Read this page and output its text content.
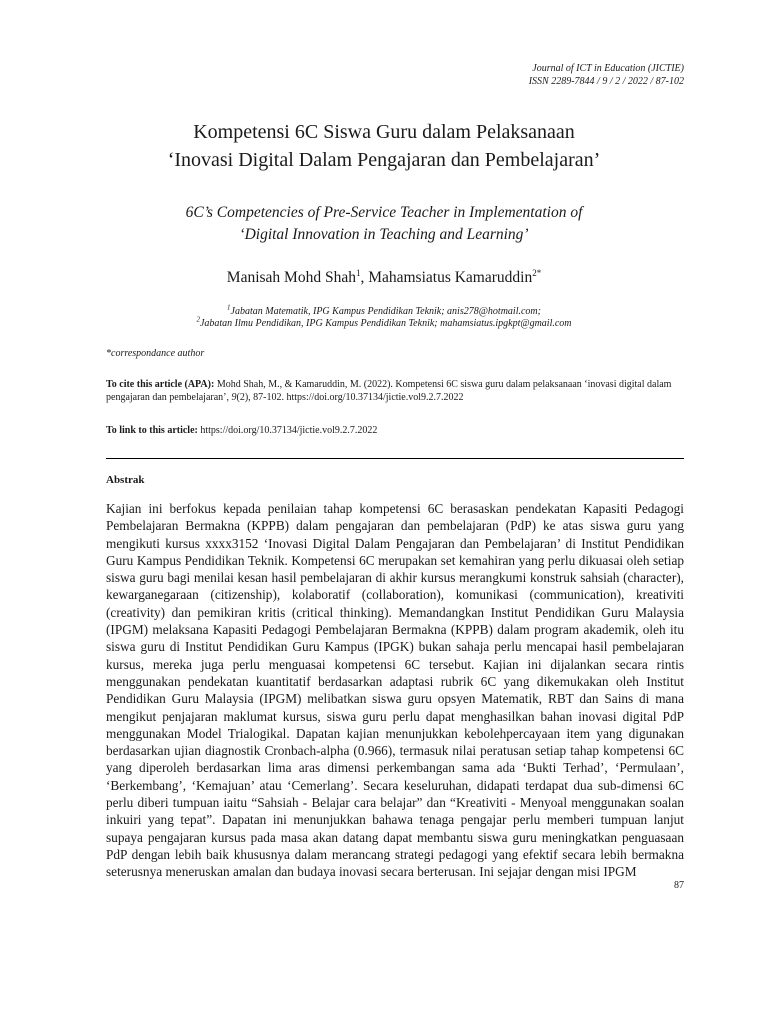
Journal of ICT in Education (JICTIE)
ISSN 2289-7844 / 9 / 2 / 2022 / 87-102
Kompetensi 6C Siswa Guru dalam Pelaksanaan
‘Inovasi Digital Dalam Pengajaran dan Pembelajaran’
6C’s Competencies of Pre-Service Teacher in Implementation of
‘Digital Innovation in Teaching and Learning’
Manisah Mohd Shah$^1$, Mahamsiatus Kamaruddin$^{2*}$
$^1$Jabatan Matematik, IPG Kampus Pendidikan Teknik; anis278@hotmail.com;
$^2$Jabatan Ilmu Pendidikan, IPG Kampus Pendidikan Teknik; mahamsiatus.ipgkpt@gmail.com
*correspondance author
To cite this article (APA): Mohd Shah, M., & Kamaruddin, M. (2022). Kompetensi 6C siswa guru dalam pelaksanaan ‘inovasi digital dalam pengajaran dan pembelajaran’, 9(2), 87-102. https://doi.org/10.37134/jictie.vol9.2.7.2022
To link to this article: https://doi.org/10.37134/jictie.vol9.2.7.2022
Abstrak
Kajian ini berfokus kepada penilaian tahap kompetensi 6C berasaskan pendekatan Kapasiti Pedagogi Pembelajaran Bermakna (KPPB) dalam pengajaran dan pembelajaran (PdP) ke atas siswa guru yang mengikuti kursus xxxx3152 ‘Inovasi Digital Dalam Pengajaran dan Pembelajaran’ di Institut Pendidikan Guru Kampus Pendidikan Teknik. Kompetensi 6C merupakan set kemahiran yang perlu dikuasai oleh setiap siswa guru bagi menilai kesan hasil pembelajaran di akhir kursus merangkumi konstruk sahsiah (character), kewarganegaraan (citizenship), kolaboratif (collaboration), komunikasi (communication), kreativiti (creativity) dan pemikiran kritis (critical thinking). Memandangkan Institut Pendidikan Guru Malaysia (IPGM) melaksana Kapasiti Pedagogi Pembelajaran Bermakna (KPPB) dalam program akademik, oleh itu siswa guru di Institut Pendidikan Guru Kampus (IPGK) bukan sahaja perlu mencapai hasil pembelajaran kursus, mereka juga perlu menguasai kompetensi 6C tersebut. Kajian ini dijalankan secara rintis menggunakan pendekatan kuantitatif berdasarkan adaptasi rubrik 6C yang dikemukakan oleh Institut Pendidikan Guru Malaysia (IPGM) melibatkan siswa guru opsyen Matematik, RBT dan Sains di mana mengikut penjajaran maklumat kursus, siswa guru perlu dapat menghasilkan bahan inovasi digital PdP menggunakan Model Trialogikal. Dapatan kajian menunjukkan kebolehpercayaan item yang digunakan berdasarkan ujian diagnostik Cronbach-alpha (0.966), termasuk nilai peratusan setiap tahap kompetensi 6C yang diperoleh berdasarkan lima aras dimensi perkembangan sama ada ‘Bukti Terhad’, ‘Permulaan’, ‘Berkembang’, ‘Kemajuan’ atau ‘Cemerlang’. Secara keseluruhan, didapati terdapat dua sub-dimensi 6C perlu diberi tumpuan iaitu “Sahsiah - Belajar cara belajar” dan “Kreativiti - Menyoal menggunakan soalan inkuiri yang tepat”. Dapatan ini menunjukkan bahawa tenaga pengajar perlu memberi tumpuan lanjut supaya pengajaran kursus pada masa akan datang dapat membantu siswa guru meningkatkan penguasaan PdP dengan lebih baik khususnya dalam merancang strategi pedagogi yang efektif secara lebih bermakna seterusnya meneruskan amalan dan budaya inovasi secara berterusan. Ini sejajar dengan misi IPGM
87
